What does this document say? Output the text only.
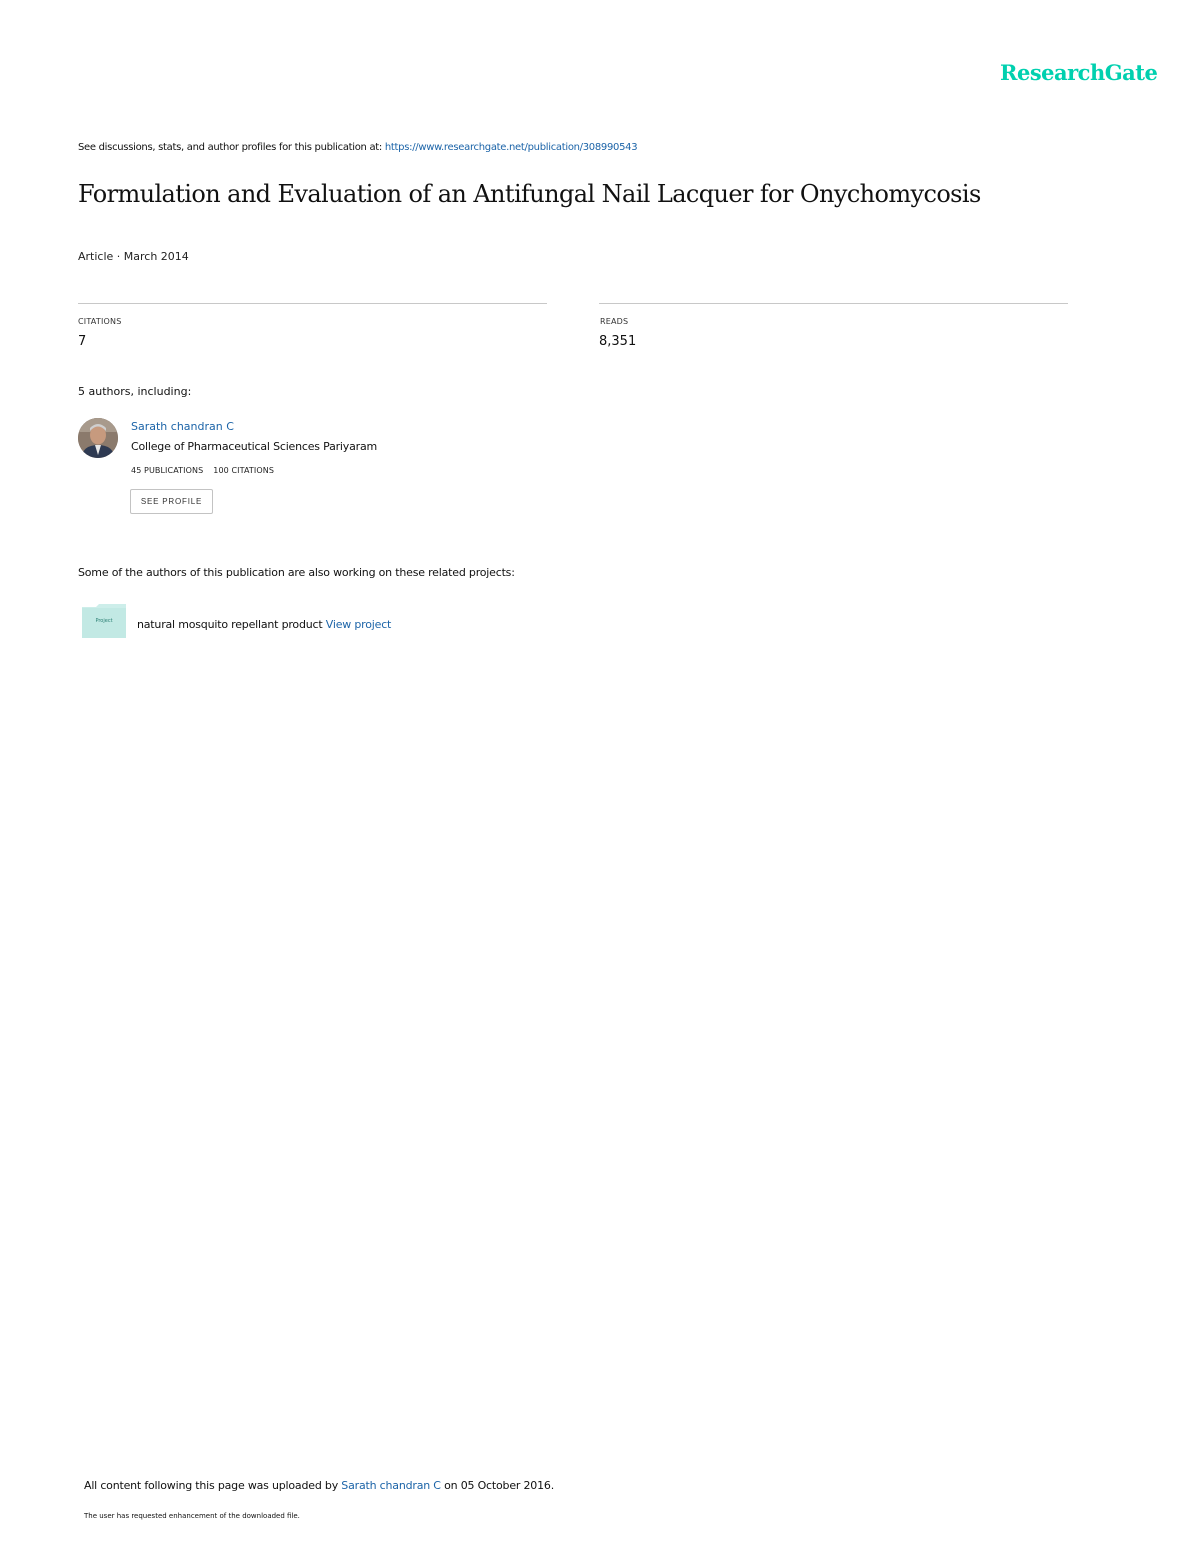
ResearchGate
See discussions, stats, and author profiles for this publication at: https://www.researchgate.net/publication/308990543
Formulation and Evaluation of an Antifungal Nail Lacquer for Onychomycosis
Article · March 2014
CITATIONS
7
READS
8,351
5 authors, including:
Sarath chandran C
College of Pharmaceutical Sciences Pariyaram
45 PUBLICATIONS 100 CITATIONS
SEE PROFILE
Some of the authors of this publication are also working on these related projects:
Project	natural mosquito repellant product View project
All content following this page was uploaded by Sarath chandran C on 05 October 2016.
The user has requested enhancement of the downloaded file.
